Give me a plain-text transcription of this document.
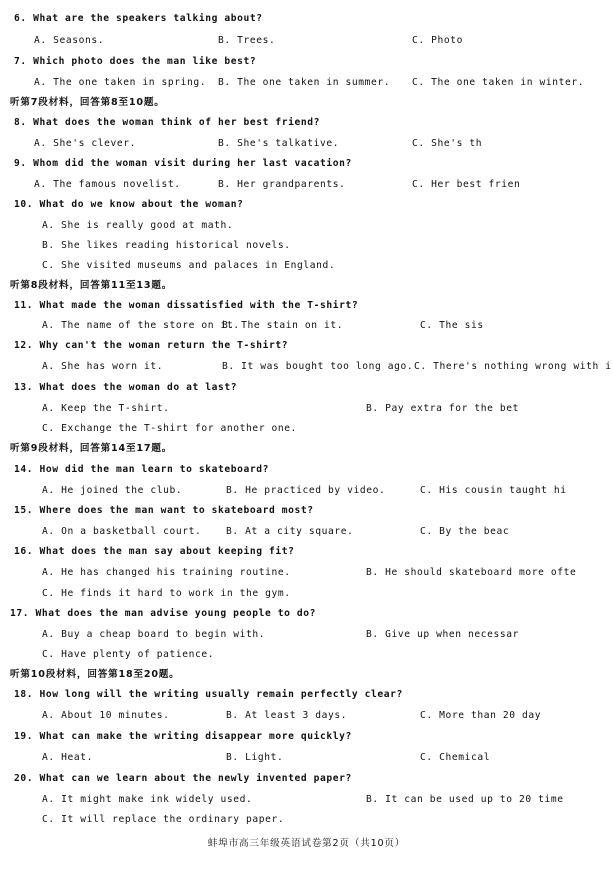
6. What are the speakers talking about?
A. Seasons.	B. Trees.	C. Photo
7. Which photo does the man like best?
A. The one taken in spring. B. The one taken in summer. C. The one taken in winter.
听第7段材料，回答第8至10题。
8. What does the woman think of her best friend?
A. She's clever.	B. She's talkative.	C. She's th
9. Whom did the woman visit during her last vacation?
A. The famous novelist.	B. Her grandparents.	C. Her best frien
10. What do we know about the woman?
A. She is really good at math.
B. She likes reading historical novels.
C. She visited museums and palaces in England.
听第8段材料，回答第11至13题。
11. What made the woman dissatisfied with the T-shirt?
A. The name of the store on it.
B. The stain on it.	C. The sis
12. Why can't the woman return the T-shirt?
A. She has worn it.	B. It was bought too long ago. C. There's nothing wrong with i
13. What does the woman do at last?
A. Keep the T-shirt.	B. Pay extra for the bet
C. Exchange the T-shirt for another one.
听第9段材料，回答第14至17题。
14. How did the man learn to skateboard?
A. He joined the club.	B. He practiced by video.	C. His cousin taught hi
15. Where does the man want to skateboard most?
A. On a basketball court.	B. At a city square.	C. By the beac
16. What does the man say about keeping fit?
A. He has changed his training routine.	B. He should skateboard more ofte
C. He finds it hard to work in the gym.
17. What does the man advise young people to do?
A. Buy a cheap board to begin with.	B. Give up when necessar
C. Have plenty of patience.
听第10段材料，回答第18至20题。
18. How long will the writing usually remain perfectly clear?
A. About 10 minutes.	B. At least 3 days.	C. More than 20 day
19. What can make the writing disappear more quickly?
A. Heat.	B. Light.	C. Chemical
20. What can we learn about the newly invented paper?
A. It might make ink widely used.	B. It can be used up to 20 time
C. It will replace the ordinary paper.
蚌埠市高三年级英语试卷第2页（共10页）
